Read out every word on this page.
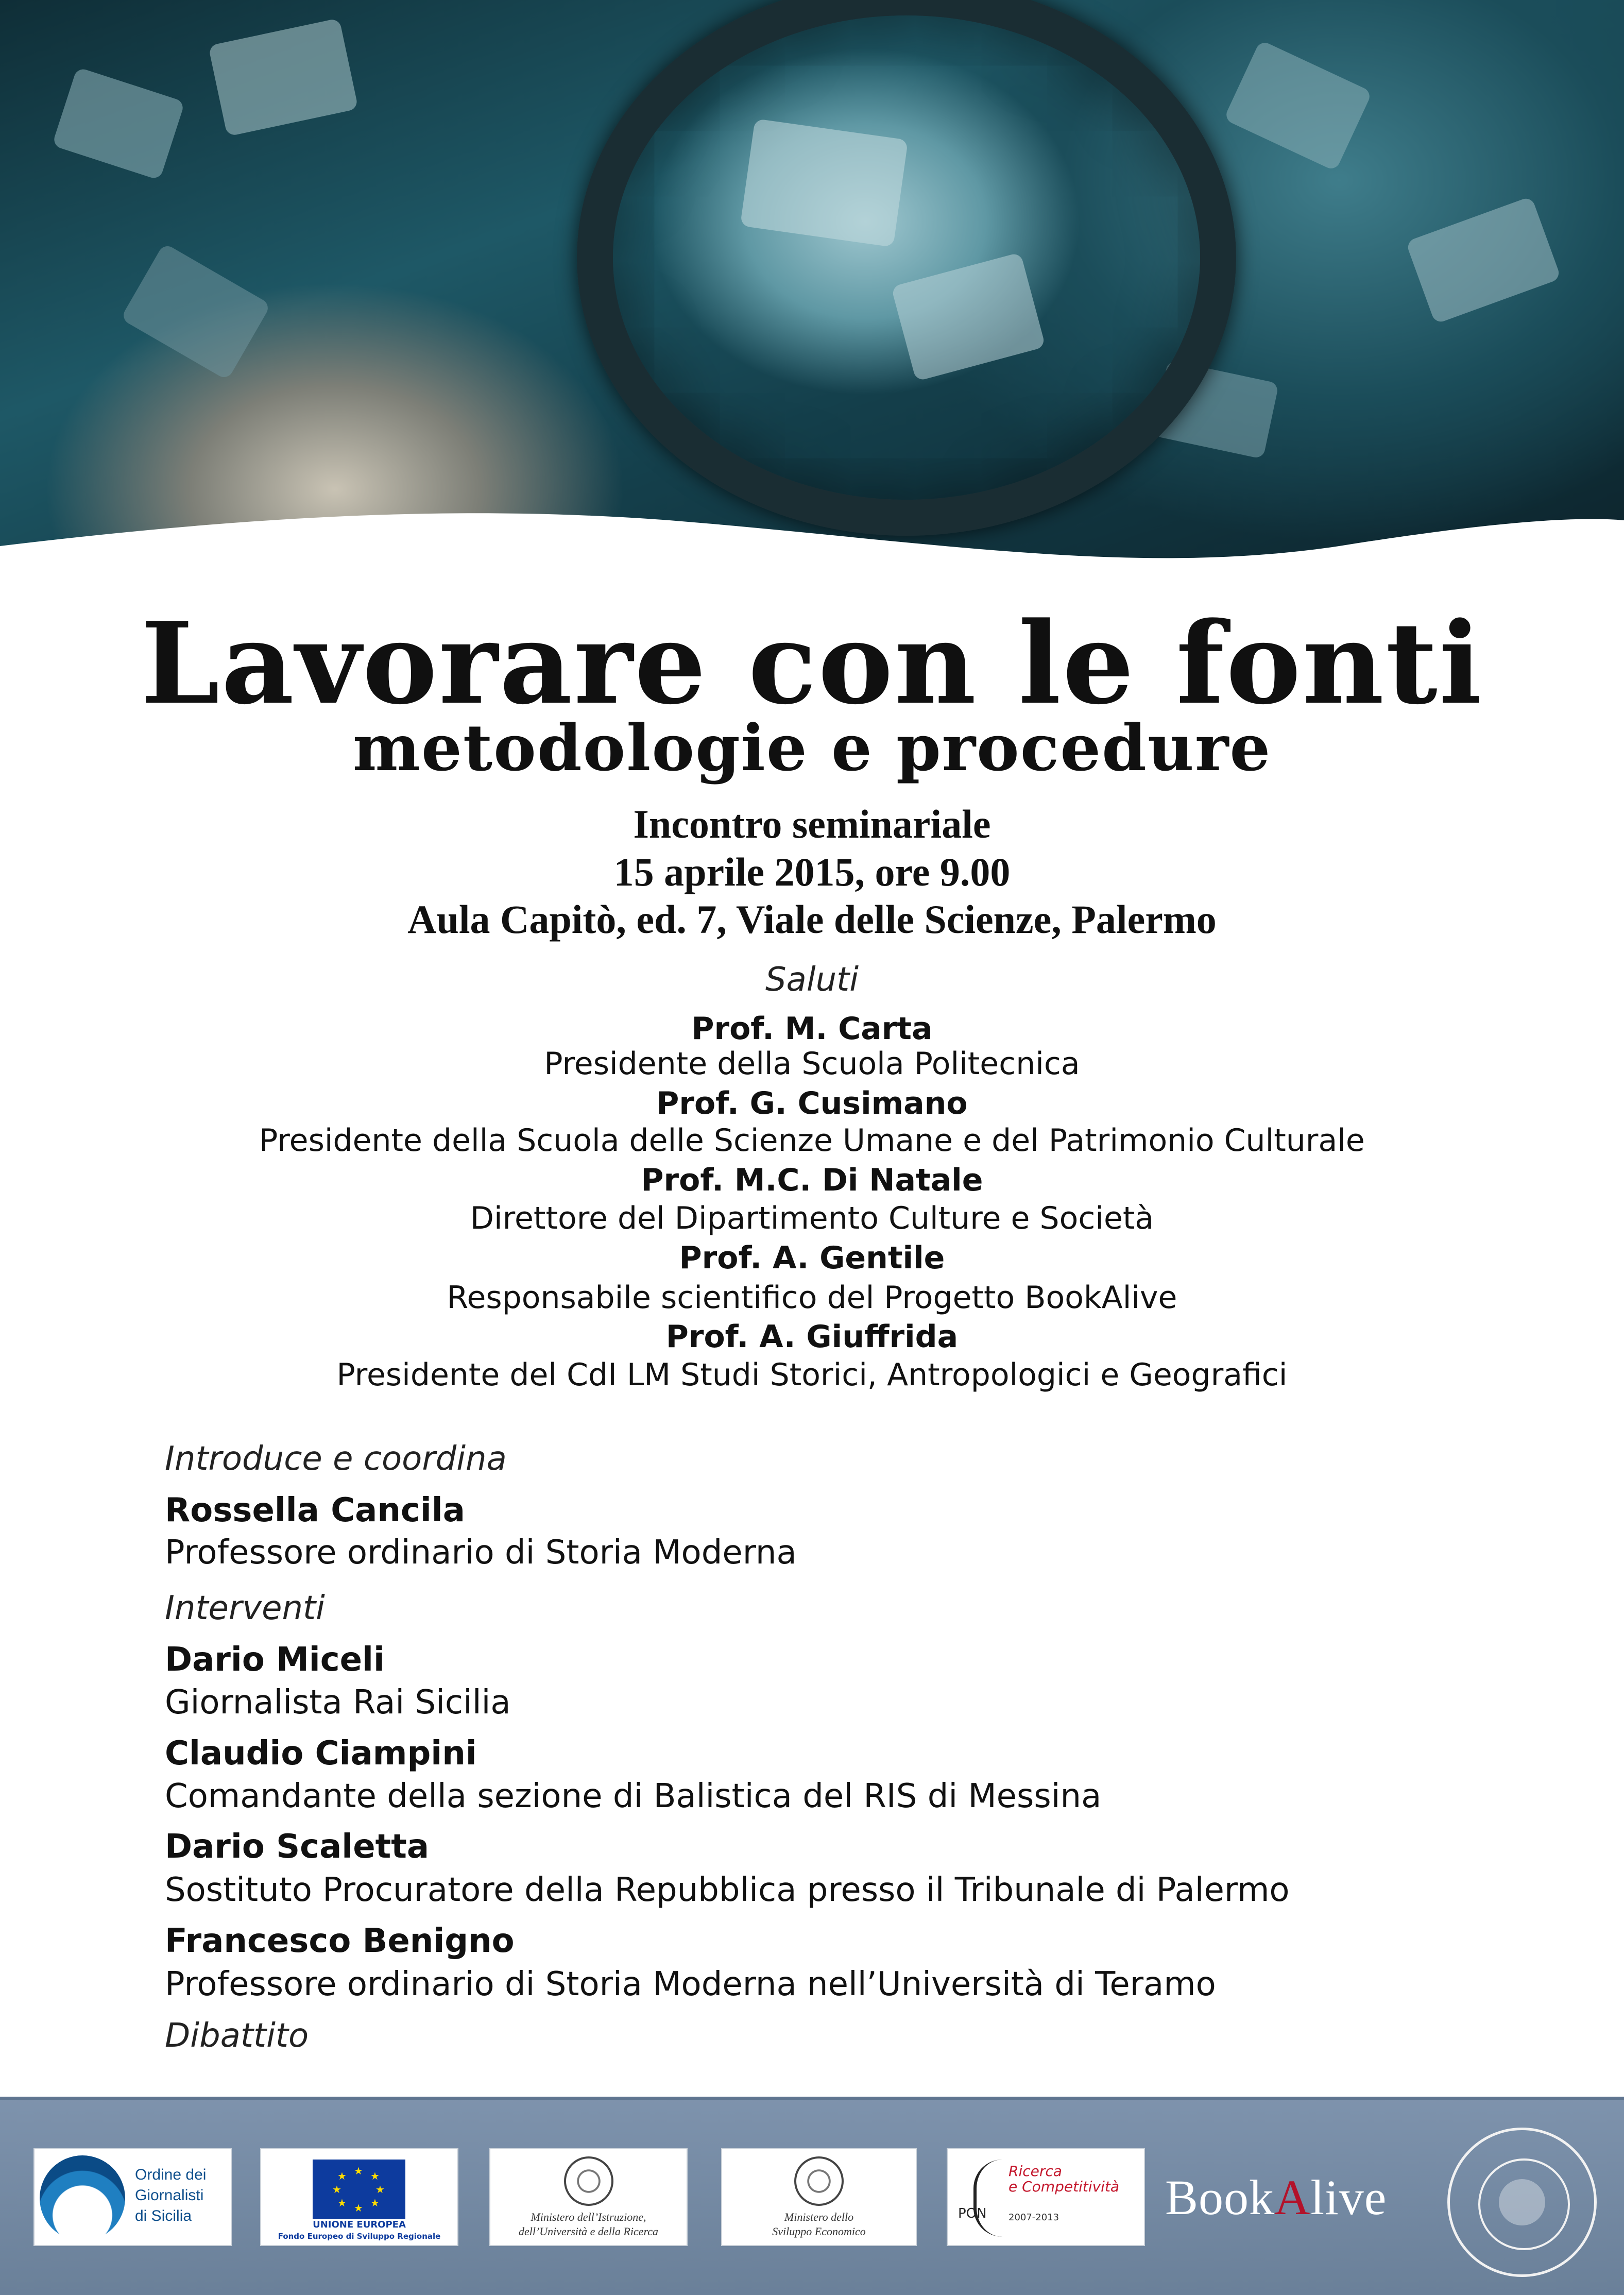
Lavorare con le fonti
metodologie e procedure
Incontro seminariale
15 aprile 2015, ore 9.00
Aula Capitò, ed. 7, Viale delle Scienze, Palermo
Saluti
Prof. M. Carta
Presidente della Scuola Politecnica
Prof. G. Cusimano
Presidente della Scuola delle Scienze Umane e del Patrimonio Culturale
Prof. M.C. Di Natale
Direttore del Dipartimento Culture e Società
Prof. A. Gentile
Responsabile scientifico del Progetto BookAlive
Prof. A. Giuffrida
Presidente del CdI LM Studi Storici, Antropologici e Geografici
Introduce e coordina
Rossella Cancila
Professore ordinario di Storia Moderna
Interventi
Dario Miceli
Giornalista Rai Sicilia
Claudio Ciampini
Comandante della sezione di Balistica del RIS di Messina
Dario Scaletta
Sostituto Procuratore della Repubblica presso il Tribunale di Palermo
Francesco Benigno
Professore ordinario di Storia Moderna nell’Università di Teramo
Dibattito
Ordine dei
Giornalisti
di Sicilia
★ ★
★
★
★
★
★
★
UNIONE EUROPEA
Fondo Europeo di Sviluppo Regionale
Ministero dell’Istruzione,
dell’Università e della Ricerca
Ministero dello
Sviluppo Economico
PON
Ricerca
e Competitività
2007-2013 BookAlive
